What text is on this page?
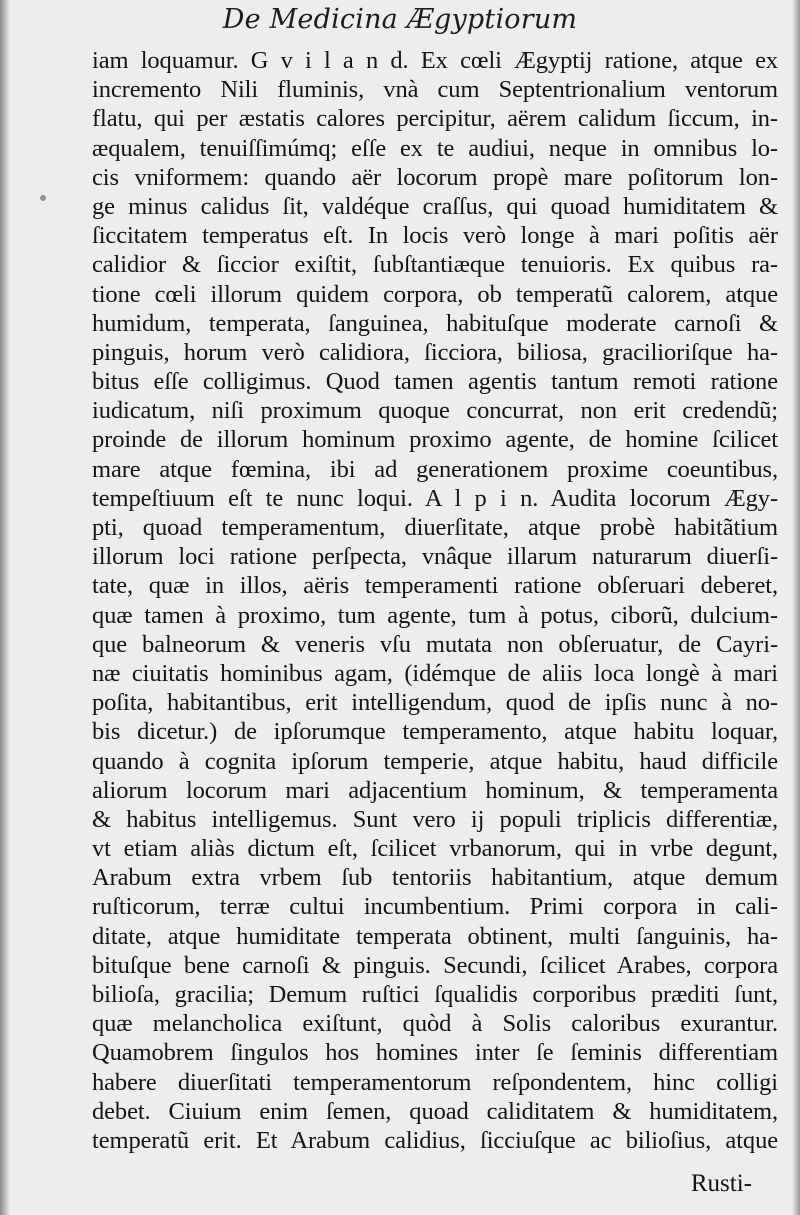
De Medicina Ægyptiorum
iam loquamur. G v i l a n d. Ex cœli Ægyptij ratione, atque ex
incremento Nili fluminis, vnà cum Septentrionalium ventorum
flatu, qui per æstatis calores percipitur, aërem calidum ſiccum, in-
æqualem, tenuiſſimúmq; eſſe ex te audiui, neque in omnibus lo-
cis vniformem: quando aër locorum propè mare poſitorum lon-
ge minus calidus ſit, valdéque craſſus, qui quoad humiditatem &
ſiccitatem temperatus eſt. In locis verò longe à mari poſitis aër
calidior & ſiccior exiſtit, ſubſtantiæque tenuioris. Ex quibus ra-
tione cœli illorum quidem corpora, ob temperatũ calorem, atque
humidum, temperata, ſanguinea, habituſque moderate carnoſi &
pinguis, horum verò calidiora, ſicciora, biliosa, gracilioriſque ha-
bitus eſſe colligimus. Quod tamen agentis tantum remoti ratione
iudicatum, niſi proximum quoque concurrat, non erit credendũ;
proinde de illorum hominum proximo agente, de homine ſcilicet
mare atque fœmina, ibi ad generationem proxime coeuntibus,
tempeſtiuum eſt te nunc loqui. A l p i n. Audita locorum Ægy-
pti, quoad temperamentum, diuerſitate, atque probè habitãtium
illorum loci ratione perſpecta, vnâque illarum naturarum diuerſi-
tate, quæ in illos, aëris temperamenti ratione obſeruari deberet,
quæ tamen à proximo, tum agente, tum à potus, ciborũ, dulcium-
que balneorum & veneris vſu mutata non obſeruatur, de Cayri-
næ ciuitatis hominibus agam, (idémque de aliis loca longè à mari
poſita, habitantibus, erit intelligendum, quod de ipſis nunc à no-
bis dicetur.) de ipſorumque temperamento, atque habitu loquar,
quando à cognita ipſorum temperie, atque habitu, haud difficile
aliorum locorum mari adjacentium hominum, & temperamenta
& habitus intelligemus. Sunt vero ij populi triplicis differentiæ,
vt etiam aliàs dictum eſt, ſcilicet vrbanorum, qui in vrbe degunt,
Arabum extra vrbem ſub tentoriis habitantium, atque demum
ruſticorum, terræ cultui incumbentium. Primi corpora in cali-
ditate, atque humiditate temperata obtinent, multi ſanguinis, ha-
bituſque bene carnoſi & pinguis. Secundi, ſcilicet Arabes, corpora
bilioſa, gracilia; Demum ruſtici ſqualidis corporibus præditi ſunt,
quæ melancholica exiſtunt, quòd à Solis caloribus exurantur.
Quamobrem ſingulos hos homines inter ſe ſeminis differentiam
habere diuerſitati temperamentorum reſpondentem, hinc colligi
debet. Ciuium enim ſemen, quoad caliditatem & humiditatem,
temperatũ erit. Et Arabum calidius, ſicciuſque ac bilioſius, atque
Rusti-
